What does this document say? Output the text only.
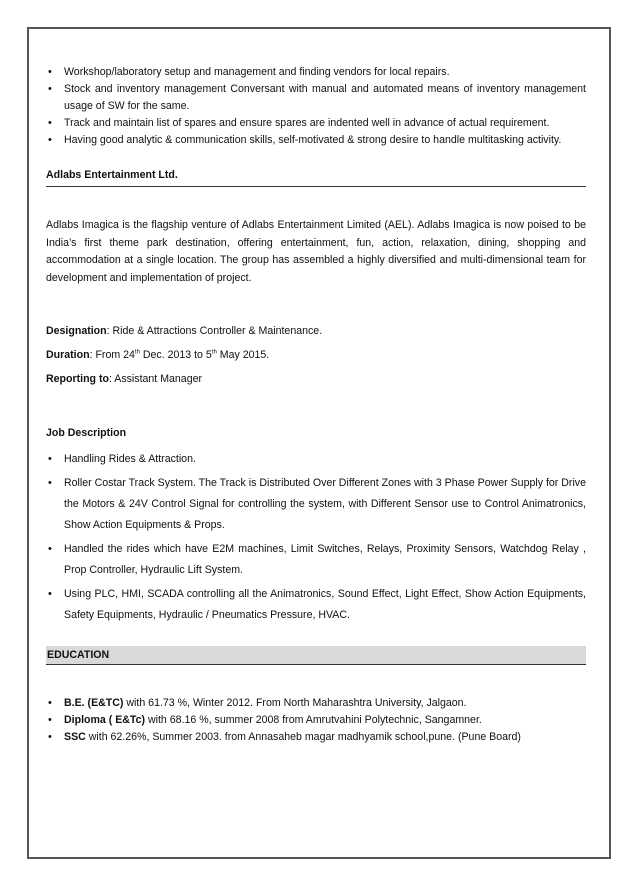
• Workshop/laboratory setup and management and finding vendors for local repairs.
• Stock and inventory management Conversant with manual and automated means of inventory management usage of SW for the same.
• Track and maintain list of spares and ensure spares are indented well in advance of actual requirement.
• Having good analytic & communication skills, self-motivated & strong desire to handle multitasking activity.
Adlabs Entertainment Ltd.

Adlabs Imagica is the flagship venture of Adlabs Entertainment Limited (AEL). Adlabs Imagica is now poised to be India’s first theme park destination, offering entertainment, fun, action, relaxation, dining, shopping and accommodation at a single location. The group has assembled a highly diversified and multi-dimensional team for development and implementation of project.

Designation: Ride & Attractions Controller & Maintenance.

Duration: From 24th Dec. 2013 to 5th May 2015.

Reporting to: Assistant Manager

Job Description

• Handling Rides & Attraction.
• Roller Costar Track System. The Track is Distributed Over Different Zones with 3 Phase Power Supply for Drive the Motors & 24V Control Signal for controlling the system, with Different Sensor use to Control Animatronics, Show Action Equipments & Props.
• Handled the rides which have E2M machines, Limit Switches, Relays, Proximity Sensors, Watchdog Relay , Prop Controller, Hydraulic Lift System.
• Using PLC, HMI, SCADA controlling all the Animatronics, Sound Effect, Light Effect, Show Action Equipments, Safety Equipments, Hydraulic / Pneumatics Pressure, HVAC.
EDUCATION
• B.E. (E&TC) with 61.73 %, Winter 2012. From North Maharashtra University, Jalgaon.
• Diploma ( E&Tc) with 68.16 %, summer 2008 from Amrutvahini Polytechnic, Sangamner.
• SSC with 62.26%, Summer 2003. from Annasaheb magar madhyamik school,pune. (Pune Board)
